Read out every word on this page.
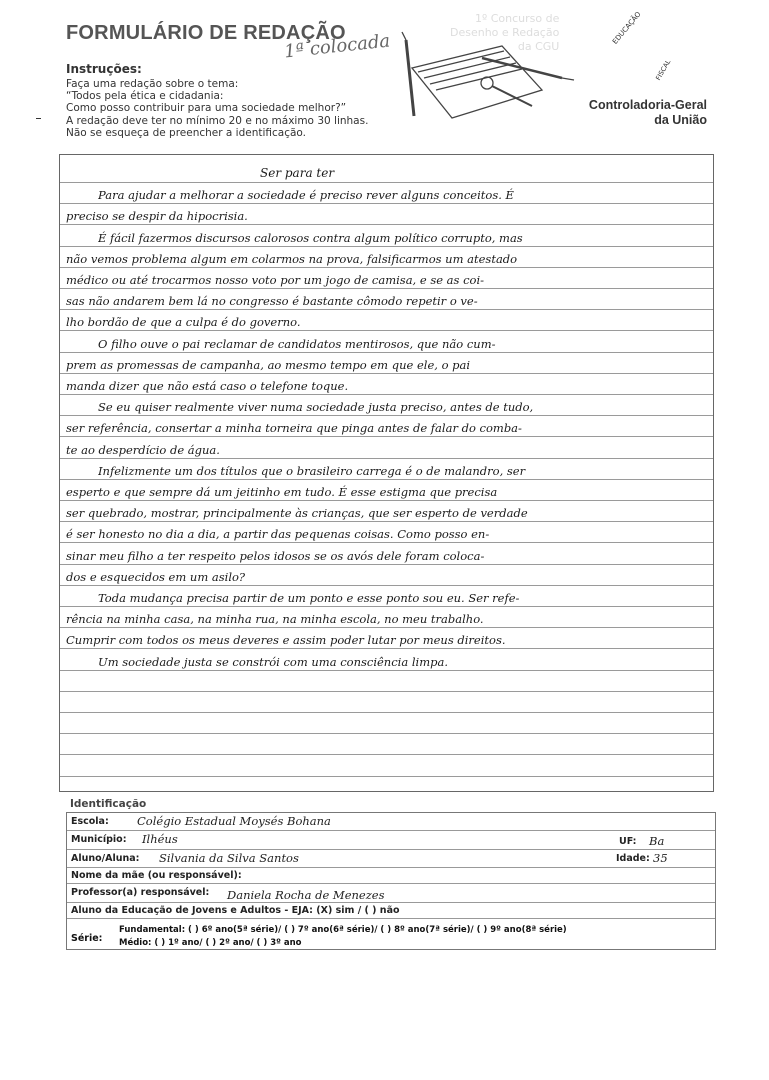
FORMULÁRIO DE REDAÇÃO
1ª colocada
1º Concurso de
Desenho e Redação
da CGU
EDUCAÇÃO
FISCAL
Instruções:
Faça uma redação sobre o tema:
“Todos pela ética e cidadania:
Como posso contribuir para uma sociedade melhor?”
A redação deve ter no mínimo 20 e no máximo 30 linhas.
Não se esqueça de preencher a identificação.
Controladoria-Geral
da União
Ser para ter
Para ajudar a melhorar a sociedade é preciso rever alguns conceitos. É
preciso se despir da hipocrisia.
É fácil fazermos discursos calorosos contra algum político corrupto, mas
não vemos problema algum em colarmos na prova, falsificarmos um atestado
médico ou até trocarmos nosso voto por um jogo de camisa, e se as coi-
sas não andarem bem lá no congresso é bastante cômodo repetir o ve-
lho bordão de que a culpa é do governo.
O filho ouve o pai reclamar de candidatos mentirosos, que não cum-
prem as promessas de campanha, ao mesmo tempo em que ele, o pai
manda dizer que não está caso o telefone toque.
Se eu quiser realmente viver numa sociedade justa preciso, antes de tudo,
ser referência, consertar a minha torneira que pinga antes de falar do comba-
te ao desperdício de água.
Infelizmente um dos títulos que o brasileiro carrega é o de malandro, ser
esperto e que sempre dá um jeitinho em tudo. É esse estigma que precisa
ser quebrado, mostrar, principalmente às crianças, que ser esperto de verdade
é ser honesto no dia a dia, a partir das pequenas coisas. Como posso en-
sinar meu filho a ter respeito pelos idosos se os avós dele foram coloca-
dos e esquecidos em um asilo?
Toda mudança precisa partir de um ponto e esse ponto sou eu. Ser refe-
rência na minha casa, na minha rua, na minha escola, no meu trabalho.
Cumprir com todos os meus deveres e assim poder lutar por meus direitos.
Um sociedade justa se constrói com uma consciência limpa.
Identificação
Escola: Colégio Estadual Moysés Bohana
Município: Ilhéus	UF: Ba
Aluno/Aluna: Silvania da Silva Santos	Idade: 35
Nome da mãe (ou responsável):
Professor(a) responsável: Daniela Rocha de Menezes
Aluno da Educação de Jovens e Adultos - EJA: (X) sim / ( ) não
Série:
Fundamental: ( ) 6º ano(5ª série)/ ( ) 7º ano(6ª série)/ ( ) 8º ano(7ª série)/ ( ) 9º ano(8ª série)
Médio: ( ) 1º ano/ ( ) 2º ano/ ( ) 3º ano
